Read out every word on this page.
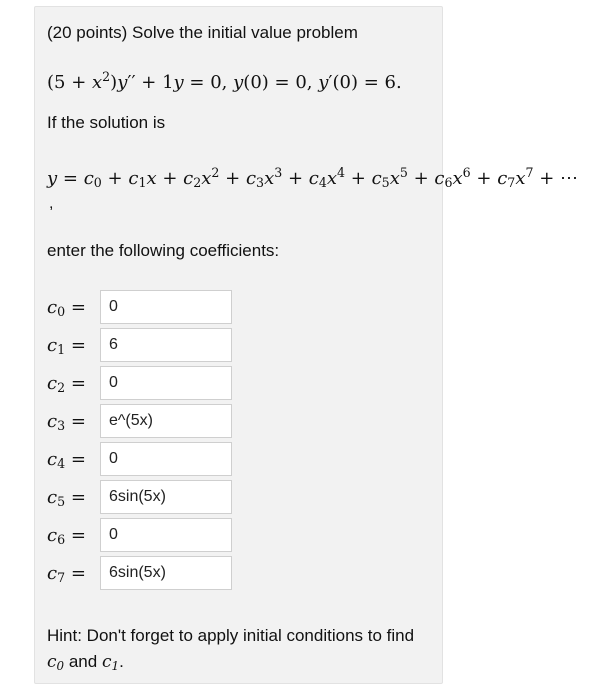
(20 points) Solve the initial value problem
$(5 + x^2)y'' + 1y = 0$, y(0) = 0, y′(0) = 6.
If the solution is
$y = c_0 + c_1x + c_2x^2 + c_3x^3 + c_4x^4 + c_5x^5 + c_6x^6 + c_7x^7$ + ⋯
,
enter the following coefficients:
$c_0$ =
0
$c_1$ =
6
$c_2$ =
0
$c_3$ =
e^(5x)
$c_4$ =
0
$c_5$ =
6sin(5x)
$c_6$ =
0
$c_7$ =
6sin(5x)
Hint: Don't forget to apply initial conditions to find $c_0$ and $c_1$.
